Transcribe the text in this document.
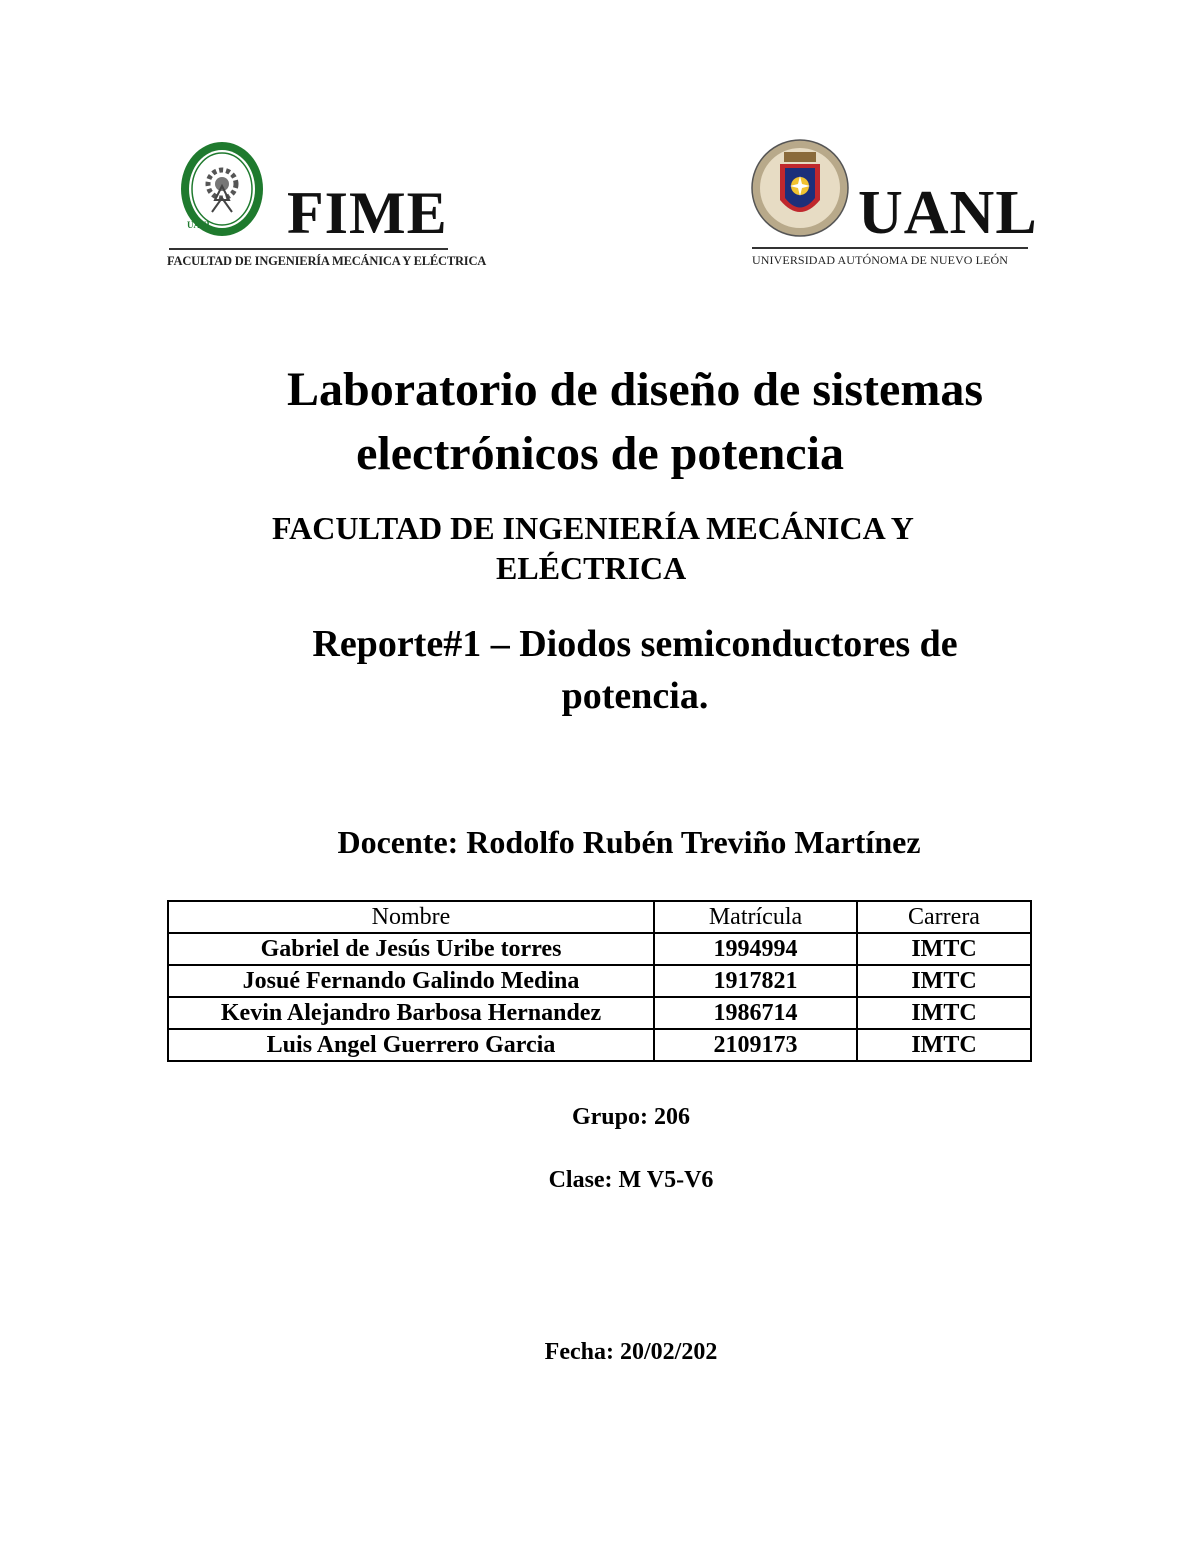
UANL FIME
FACULTAD DE INGENIERÍA MECÁNICA Y ELÉCTRICA
UANL
UNIVERSIDAD AUTÓNOMA DE NUEVO LEÓN
Laboratorio de diseño de sistemas
electrónicos de potencia
FACULTAD DE INGENIERÍA MECÁNICA Y
ELÉCTRICA
Reporte#1 – Diodos semiconductores de
potencia.
Docente: Rodolfo Rubén Treviño Martínez
Nombre	Matrícula	Carrera
Gabriel de Jesús Uribe torres	1994994	IMTC
Josué Fernando Galindo Medina	1917821	IMTC
Kevin Alejandro Barbosa Hernandez	1986714	IMTC
Luis Angel Guerrero Garcia	2109173	IMTC
Grupo: 206
Clase: M V5-V6
Fecha: 20/02/202
